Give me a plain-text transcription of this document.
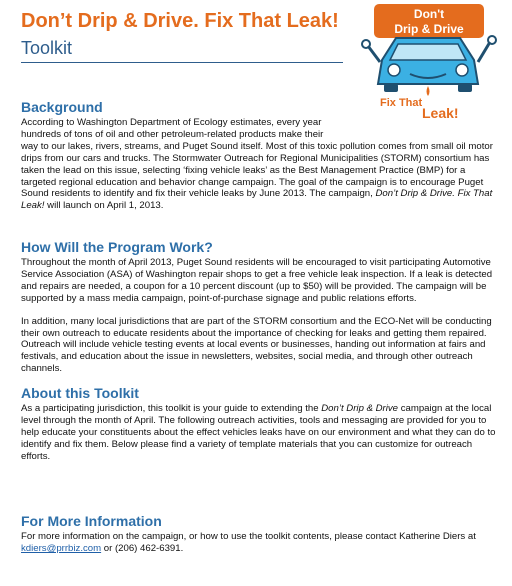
Don’t Drip & Drive. Fix That Leak!
Toolkit
Don't
Drip & Drive
Fix That
Leak!
Background

According to Washington Department of Ecology estimates, every year
hundreds of tons of oil and other petroleum-related products make their
way to our lakes, rivers, streams, and Puget Sound itself. Most of this toxic pollution comes from small oil motor drips from our cars and trucks. The Stormwater Outreach for Regional Municipalities (STORM) consortium has taken the lead on this issue, selecting ‘fixing vehicle leaks’ as the Best Management Practice (BMP) for a targeted regional education and behavior change campaign. The goal of the campaign is to encourage Puget Sound residents to identify and fix their vehicle leaks by June 2013. The campaign, Don’t Drip & Drive. Fix That Leak! will launch on April 1, 2013.

How Will the Program Work?

Throughout the month of April 2013, Puget Sound residents will be encouraged to visit participating Automotive Service Association (ASA) of Washington repair shops to get a free vehicle leak inspection. If a leak is detected and repairs are needed, a coupon for a 10 percent discount (up to $50) will be provided. The campaign will be supported by a mass media campaign, point-of-purchase signage and public relations efforts.

In addition, many local jurisdictions that are part of the STORM consortium and the ECO-Net will be conducting their own outreach to educate residents about the importance of checking for leaks and getting them repaired. Outreach will include vehicle testing events at local events or businesses, handing out information at fairs and festivals, and education about the issue in newsletters, websites, social media, and through other outreach channels.

About this Toolkit

As a participating jurisdiction, this toolkit is your guide to extending the Don’t Drip & Drive campaign at the local level through the month of April. The following outreach activities, tools and messaging are provided for you to help educate your constituents about the effect vehicles leaks have on our environment and what they can do to identify and fix them. Below please find a variety of template materials that you can customize for outreach efforts.

For More Information

For more information on the campaign, or how to use the toolkit contents, please contact Katherine Diers at kdiers@prrbiz.com or (206) 462-6391.
